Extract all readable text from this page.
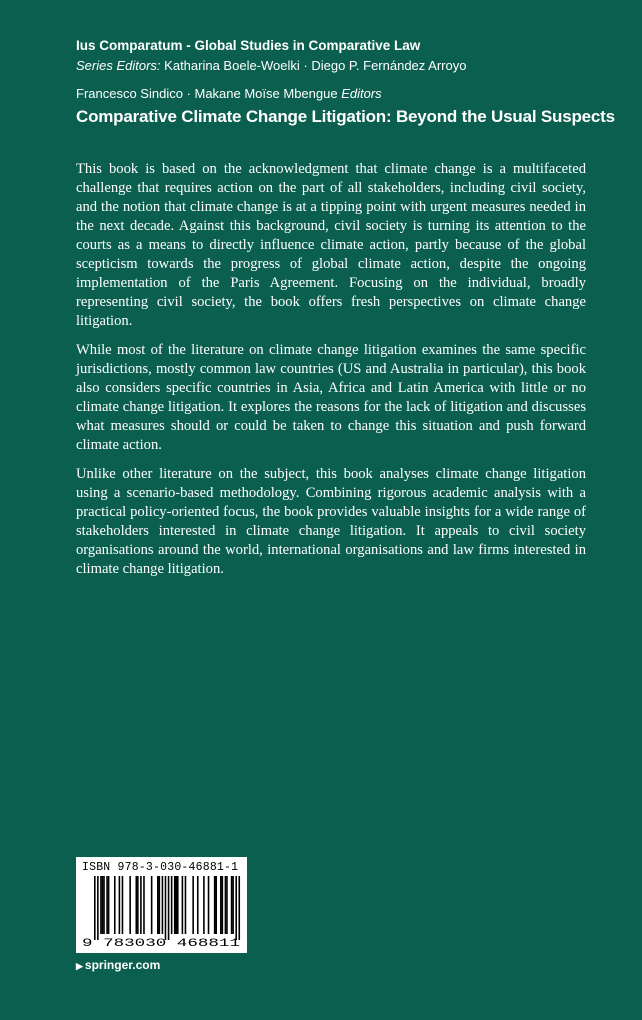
Ius Comparatum - Global Studies in Comparative Law
Series Editors: Katharina Boele-Woelki · Diego P. Fernández Arroyo
Francesco Sindico · Makane Moïse Mbengue Editors
Comparative Climate Change Litigation: Beyond the Usual Suspects

This book is based on the acknowledgment that climate change is a multifaceted challenge that requires action on the part of all stakeholders, including civil society, and the notion that climate change is at a tipping point with urgent measures needed in the next decade. Against this background, civil society is turning its attention to the courts as a means to directly influence climate action, partly because of the global scepticism towards the progress of global climate action, despite the ongoing implementation of the Paris Agreement. Focusing on the individual, broadly representing civil society, the book offers fresh perspectives on climate change litigation.

While most of the literature on climate change litigation examines the same specific jurisdictions, mostly common law countries (US and Australia in particular), this book also considers specific countries in Asia, Africa and Latin America with little or no climate change litigation. It explores the reasons for the lack of litigation and discusses what measures should or could be taken to change this situation and push forward climate action.

Unlike other literature on the subject, this book analyses climate change litigation using a scenario-based methodology. Combining rigorous academic analysis with a practical policy-oriented focus, the book provides valuable insights for a wide range of stakeholders interested in climate change litigation. It appeals to civil society organisations around the world, international organisations and law firms interested in climate change litigation.

ISBN 978-3-030-46881-1
9 783030 468811
▶ springer.com
